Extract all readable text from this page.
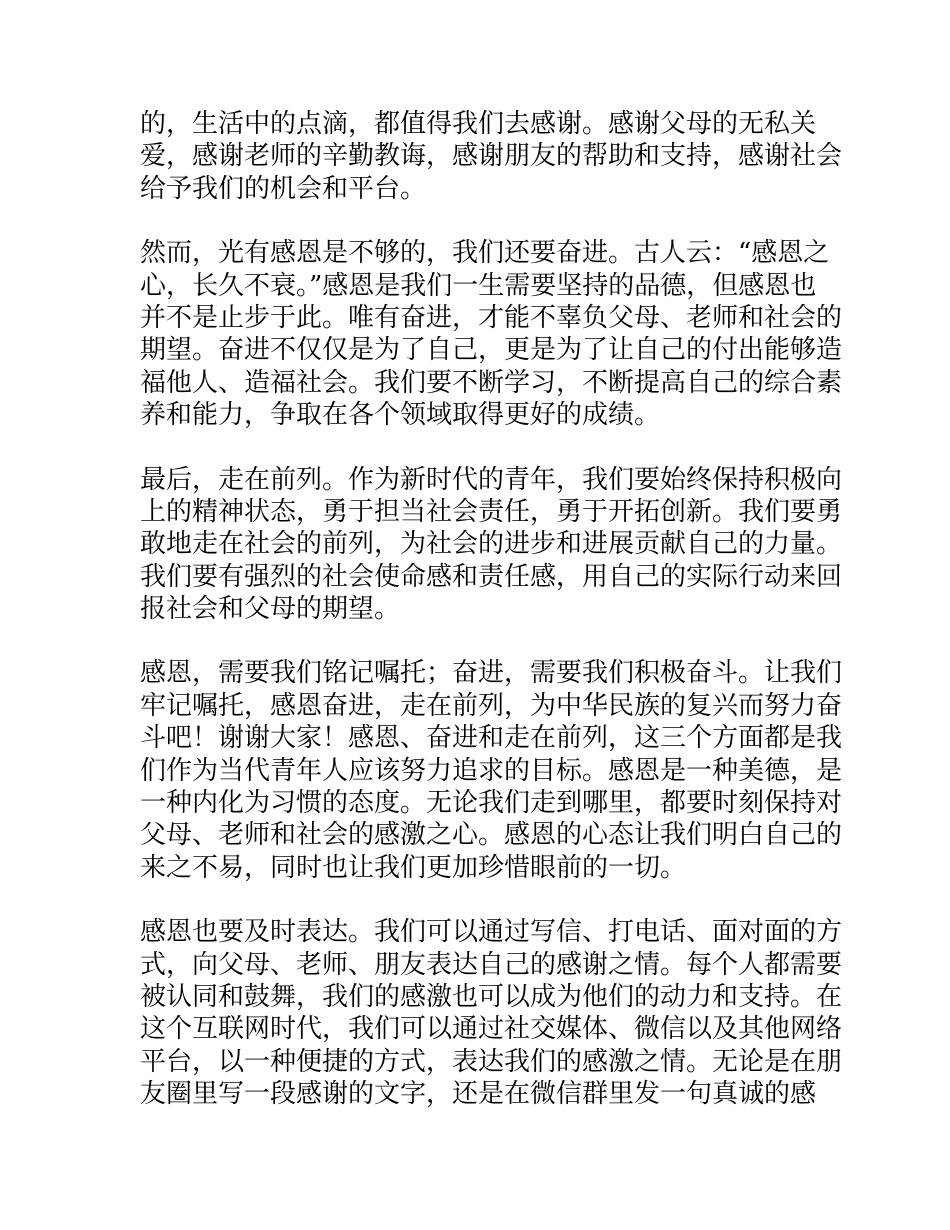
的，生活中的点滴，都值得我们去感谢。感谢父母的无私关
爱，感谢老师的辛勤教诲，感谢朋友的帮助和支持，感谢社会
给予我们的机会和平台。
然而，光有感恩是不够的，我们还要奋进。古人云：“感恩之
心，长久不衰。”感恩是我们一生需要坚持的品德，但感恩也
并不是止步于此。唯有奋进，才能不辜负父母、老师和社会的
期望。奋进不仅仅是为了自己，更是为了让自己的付出能够造
福他人、造福社会。我们要不断学习，不断提高自己的综合素
养和能力，争取在各个领域取得更好的成绩。
最后，走在前列。作为新时代的青年，我们要始终保持积极向
上的精神状态，勇于担当社会责任，勇于开拓创新。我们要勇
敢地走在社会的前列，为社会的进步和进展贡献自己的力量。
我们要有强烈的社会使命感和责任感，用自己的实际行动来回
报社会和父母的期望。
感恩，需要我们铭记嘱托；奋进，需要我们积极奋斗。让我们
牢记嘱托，感恩奋进，走在前列，为中华民族的复兴而努力奋
斗吧！谢谢大家！感恩、奋进和走在前列，这三个方面都是我
们作为当代青年人应该努力追求的目标。感恩是一种美德，是
一种内化为习惯的态度。无论我们走到哪里，都要时刻保持对
父母、老师和社会的感激之心。感恩的心态让我们明白自己的
来之不易，同时也让我们更加珍惜眼前的一切。
感恩也要及时表达。我们可以通过写信、打电话、面对面的方
式，向父母、老师、朋友表达自己的感谢之情。每个人都需要
被认同和鼓舞，我们的感激也可以成为他们的动力和支持。在
这个互联网时代，我们可以通过社交媒体、微信以及其他网络
平台，以一种便捷的方式，表达我们的感激之情。无论是在朋
友圈里写一段感谢的文字，还是在微信群里发一句真诚的感
